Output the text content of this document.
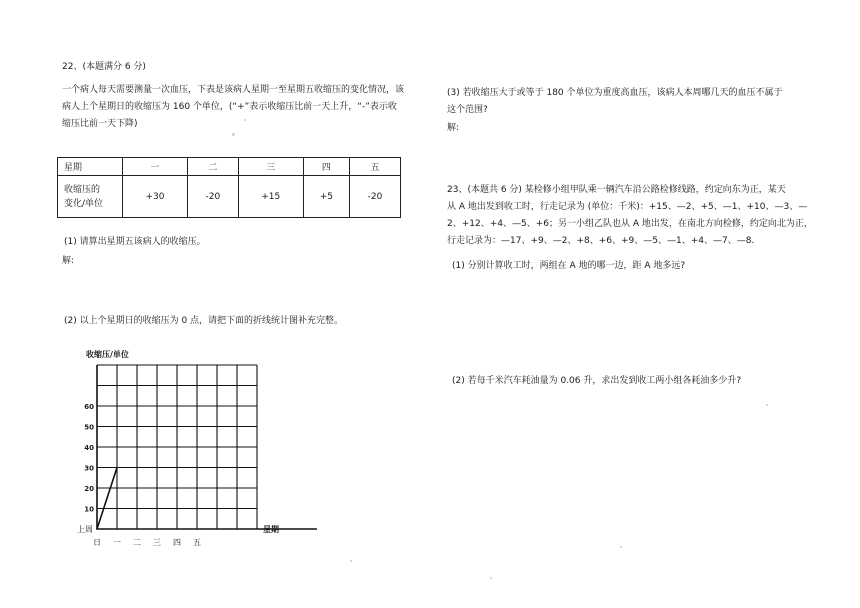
22、(本题满分 6 分)
一个病人每天需要测量一次血压，下表是该病人星期一至星期五收缩压的变化情况，该
病人上个星期日的收缩压为 160 个单位，(“+”表示收缩压比前一天上升，“-”表示收
缩压比前一天下降)
星期	一	二	三	四	五

收缩压的
变化/单位	+30	-20	+15	+5	-20
(1) 请算出星期五该病人的收缩压。
解:
(2) 以上个星期日的收缩压为 0 点，请把下面的折线统计图补充完整。
10
20
30
40
50
60
日 一 二 三 四 五
收缩压/单位
星期
上周
(3) 若收缩压大于或等于 180 个单位为重度高血压，该病人本周哪几天的血压不属于
这个范围?
解:
23、(本题共 6 分) 某检修小组甲队乘一辆汽车沿公路检修线路，约定向东为正，某天
从 A 地出发到收工时，行走记录为 (单位：千米)：+15、—2、+5、—1、+10、—3、—
2、+12、+4、—5、+6；另一小组乙队也从 A 地出发，在南北方向检修，约定向北为正，
行走记录为：—17、+9、—2、+8、+6、+9、—5、—1、+4、—7、—8.
(1) 分别计算收工时，两组在 A 地的哪一边，距 A 地多远?
(2) 若每千米汽车耗油量为 0.06 升，求出发到收工两小组各耗油多少升?
